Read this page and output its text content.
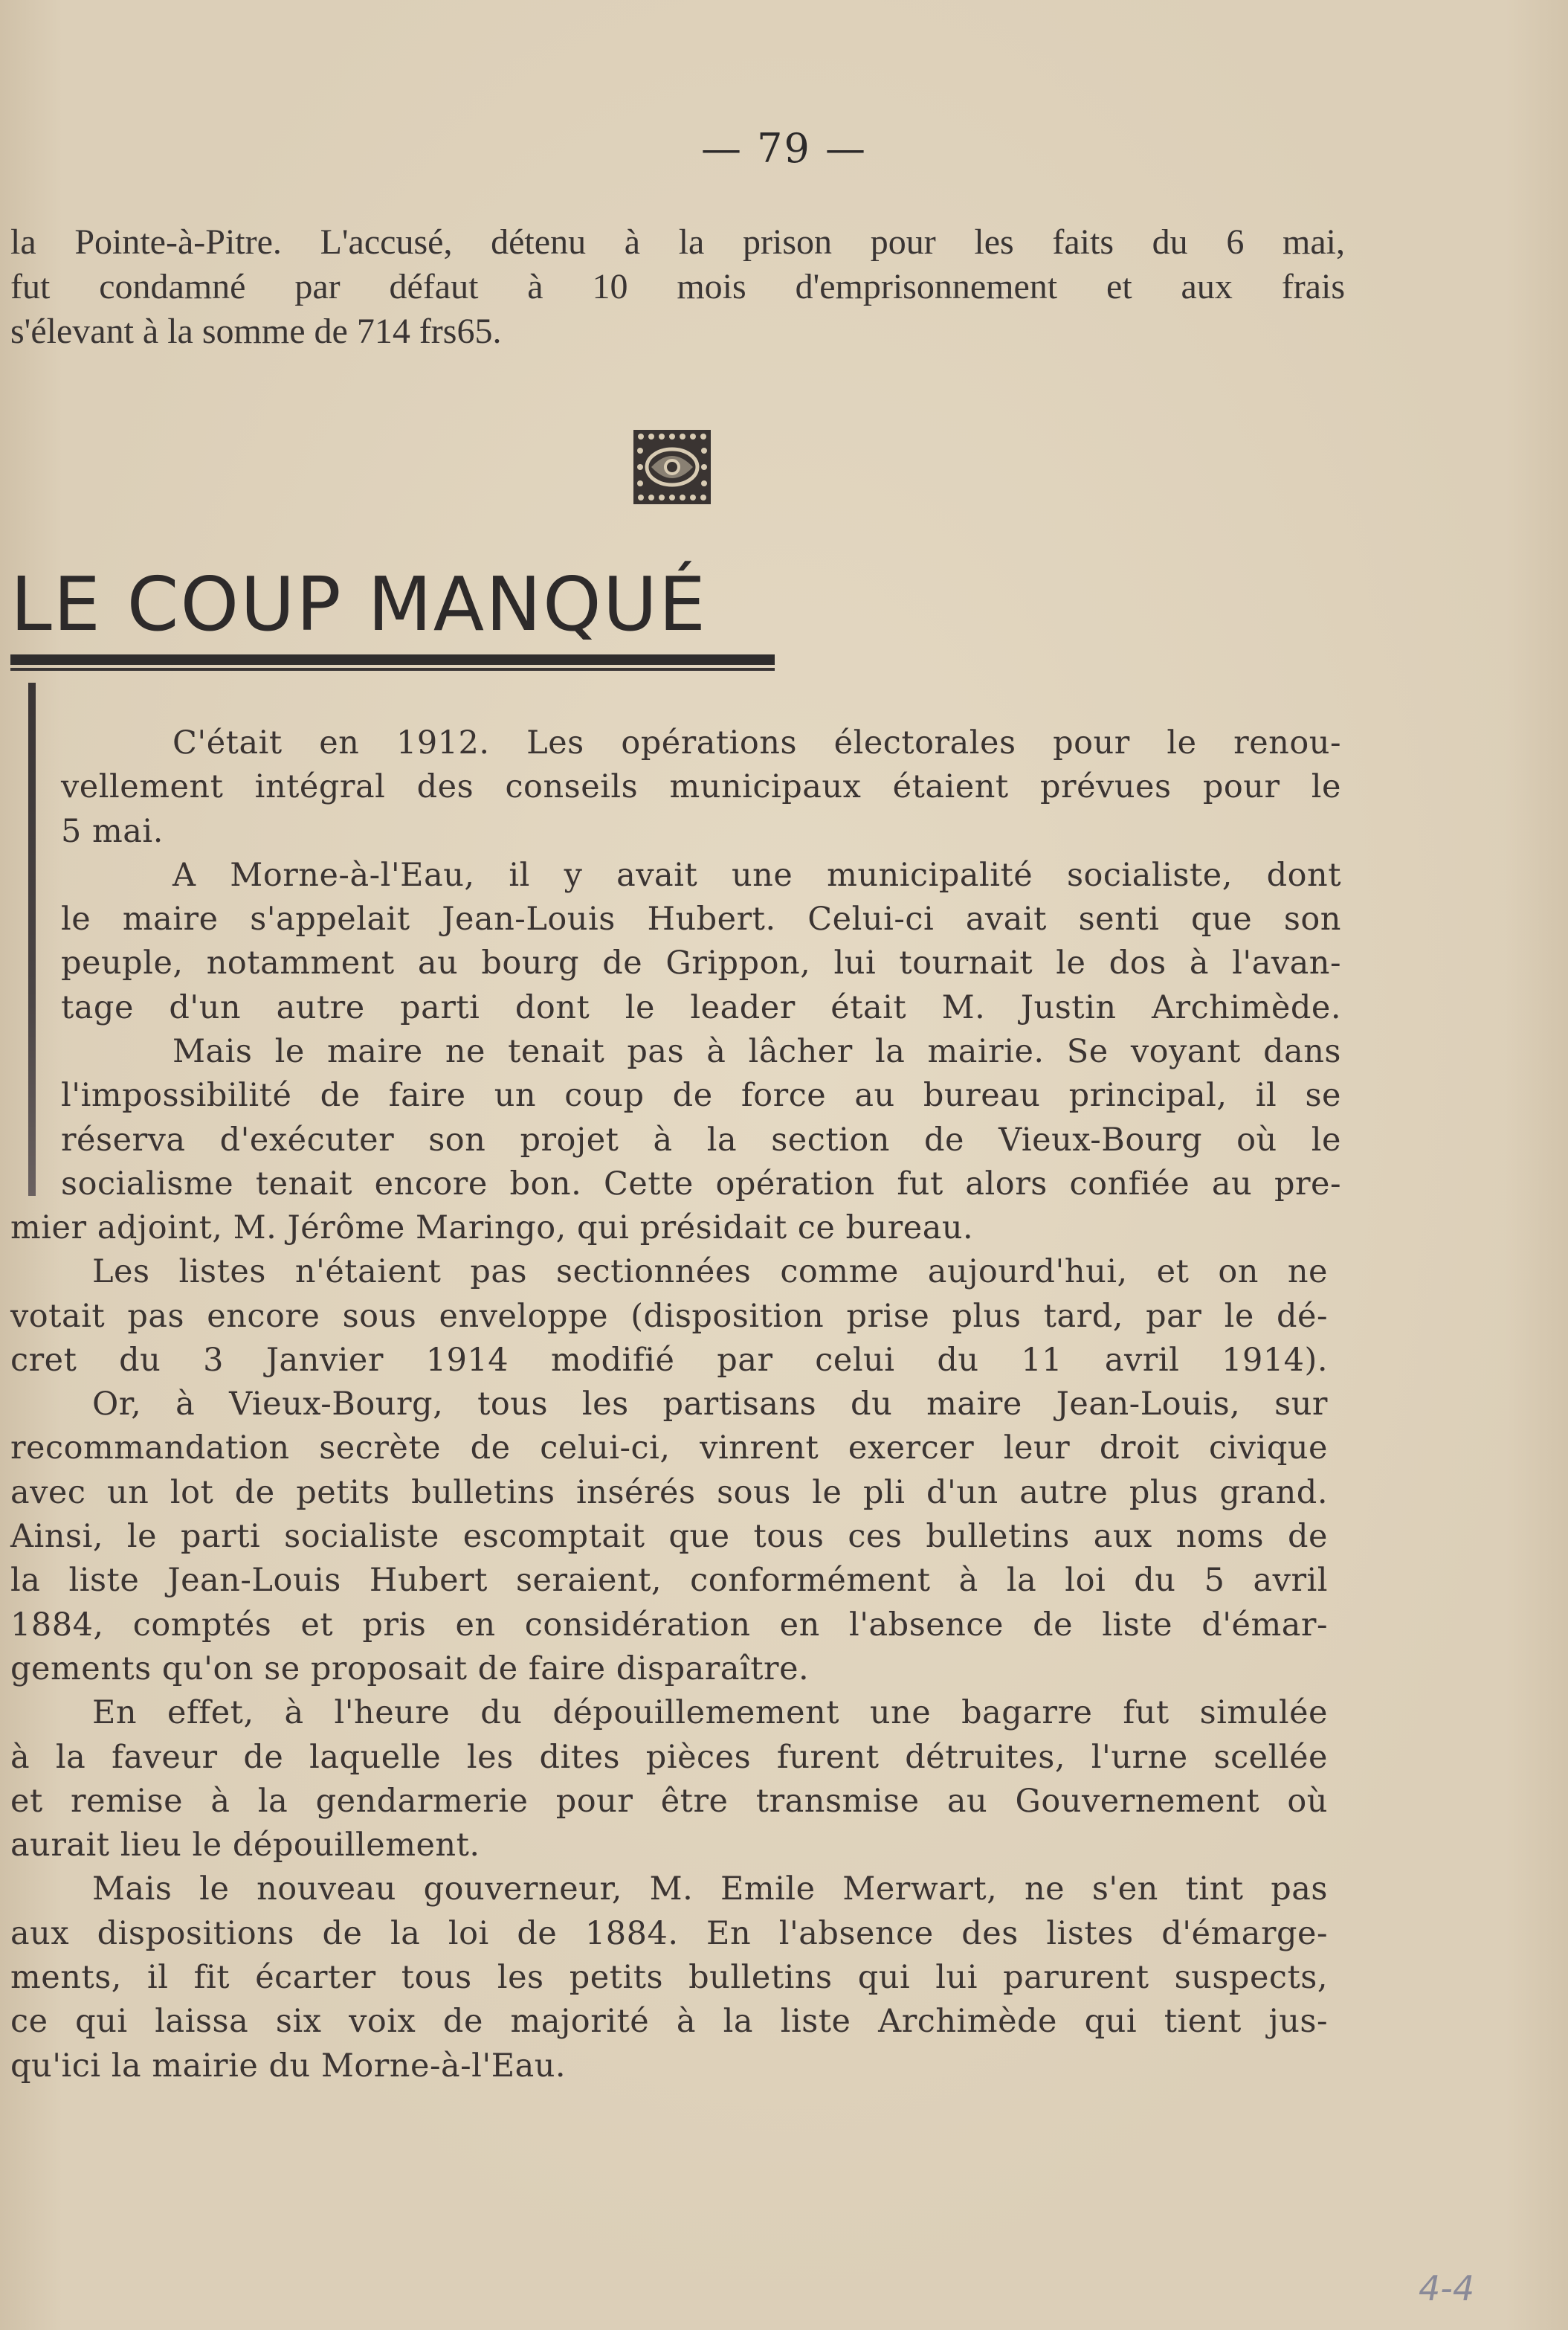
— 79 —
la Pointe-à-Pitre. L'accusé, détenu à la prison pour les faits du 6 mai,
fut condamné par défaut à 10 mois d'emprisonnement et aux frais
s'élevant à la somme de 714 frs65.
LE COUP MANQUÉ
C'était en 1912. Les opérations électorales pour le renou-
vellement intégral des conseils municipaux étaient prévues pour le
5 mai.
A Morne-à-l'Eau, il y avait une municipalité socialiste, dont
le maire s'appelait Jean-Louis Hubert. Celui-ci avait senti que son
peuple, notamment au bourg de Grippon, lui tournait le dos à l'avan-
tage d'un autre parti dont le leader était M. Justin Archimède.
Mais le maire ne tenait pas à lâcher la mairie. Se voyant dans
l'impossibilité de faire un coup de force au bureau principal, il se
réserva d'exécuter son projet à la section de Vieux-Bourg où le
socialisme tenait encore bon. Cette opération fut alors confiée au pre-
mier adjoint, M. Jérôme Maringo, qui présidait ce bureau.
Les listes n'étaient pas sectionnées comme aujourd'hui, et on ne
votait pas encore sous enveloppe (disposition prise plus tard, par le dé-
cret du 3 Janvier 1914 modifié par celui du 11 avril 1914).
Or, à Vieux-Bourg, tous les partisans du maire Jean-Louis, sur
recommandation secrète de celui-ci, vinrent exercer leur droit civique
avec un lot de petits bulletins insérés sous le pli d'un autre plus grand.
Ainsi, le parti socialiste escomptait que tous ces bulletins aux noms de
la liste Jean-Louis Hubert seraient, conformément à la loi du 5 avril
1884, comptés et pris en considération en l'absence de liste d'émar-
gements qu'on se proposait de faire disparaître.
En effet, à l'heure du dépouillemement une bagarre fut simulée
à la faveur de laquelle les dites pièces furent détruites, l'urne scellée
et remise à la gendarmerie pour être transmise au Gouvernement où
aurait lieu le dépouillement.
Mais le nouveau gouverneur, M. Emile Merwart, ne s'en tint pas
aux dispositions de la loi de 1884. En l'absence des listes d'émarge-
ments, il fit écarter tous les petits bulletins qui lui parurent suspects,
ce qui laissa six voix de majorité à la liste Archimède qui tient jus-
qu'ici la mairie du Morne-à-l'Eau.
4-4
